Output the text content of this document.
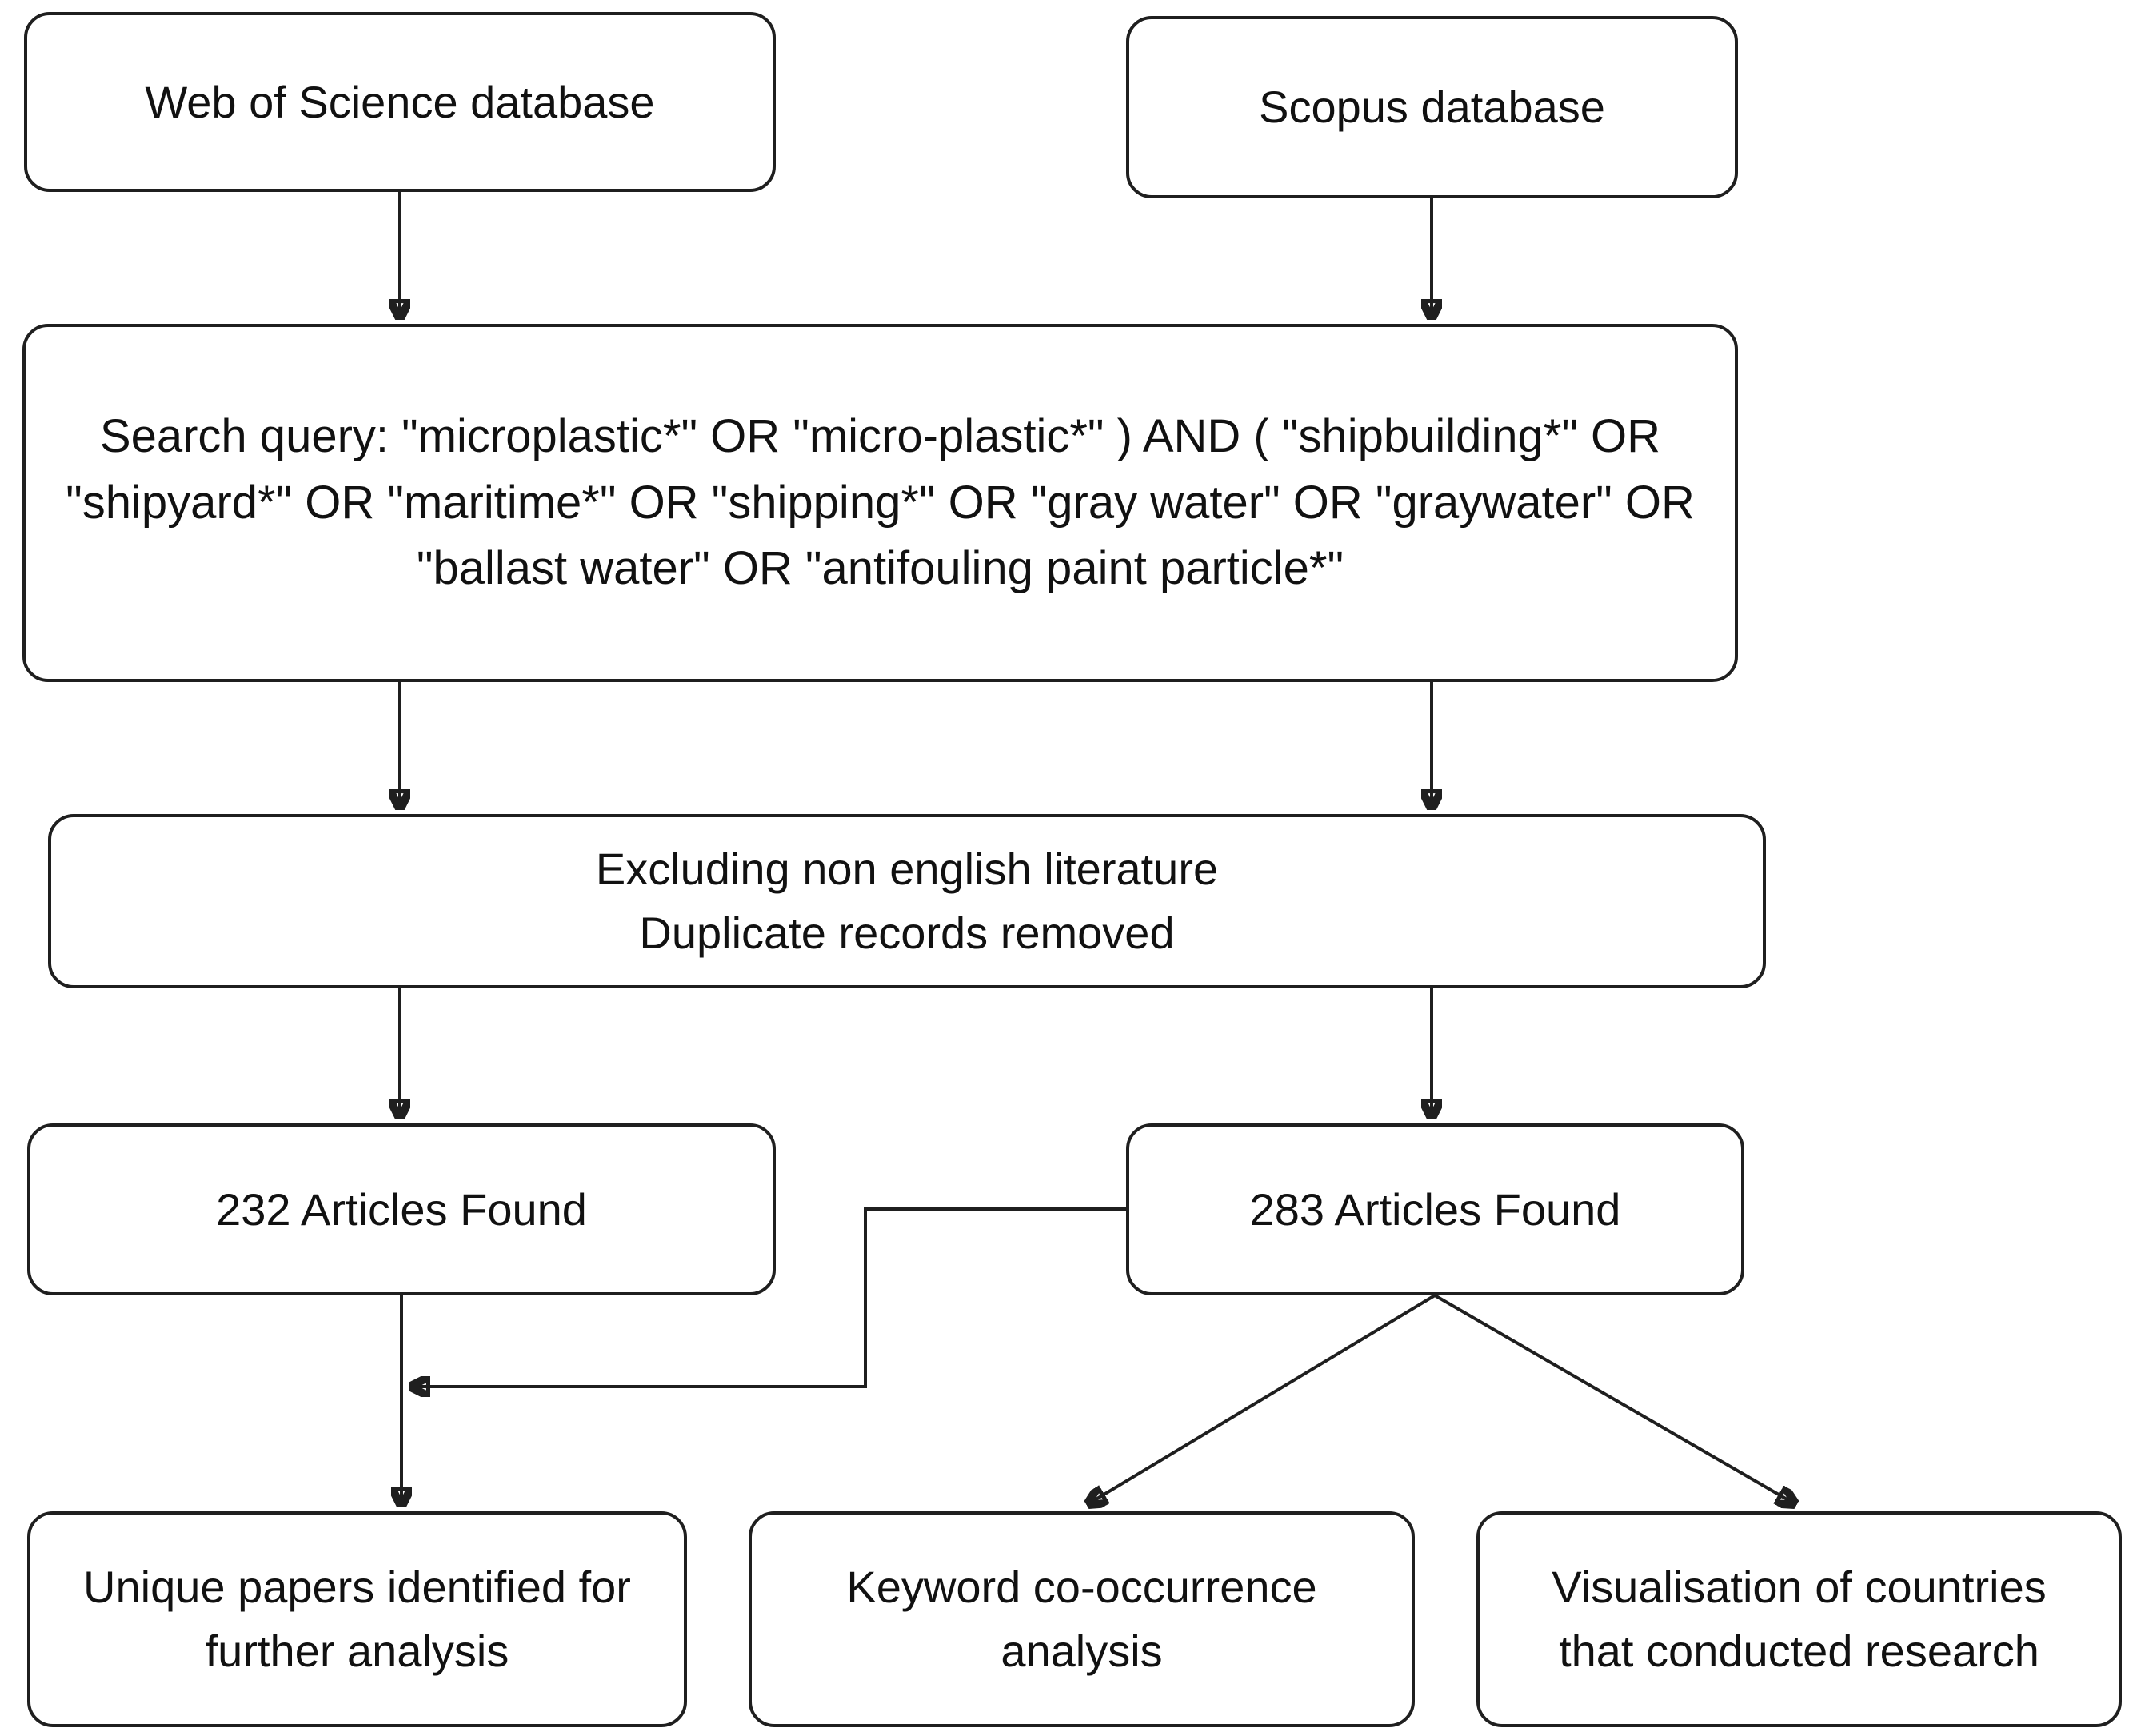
Web of Science database	Scopus database
Search query: "microplastic*" OR "micro-plastic*" ) AND ( "shipbuilding*" OR "shipyard*" OR "maritime*" OR "shipping*" OR "gray water" OR "graywater" OR "ballast water" OR "antifouling paint particle*"
Excluding non english literature
Duplicate records removed
232 Articles Found	283 Articles Found
Unique papers identified for further analysis
Keyword co-occurrence analysis
Visualisation of countries that conducted research
